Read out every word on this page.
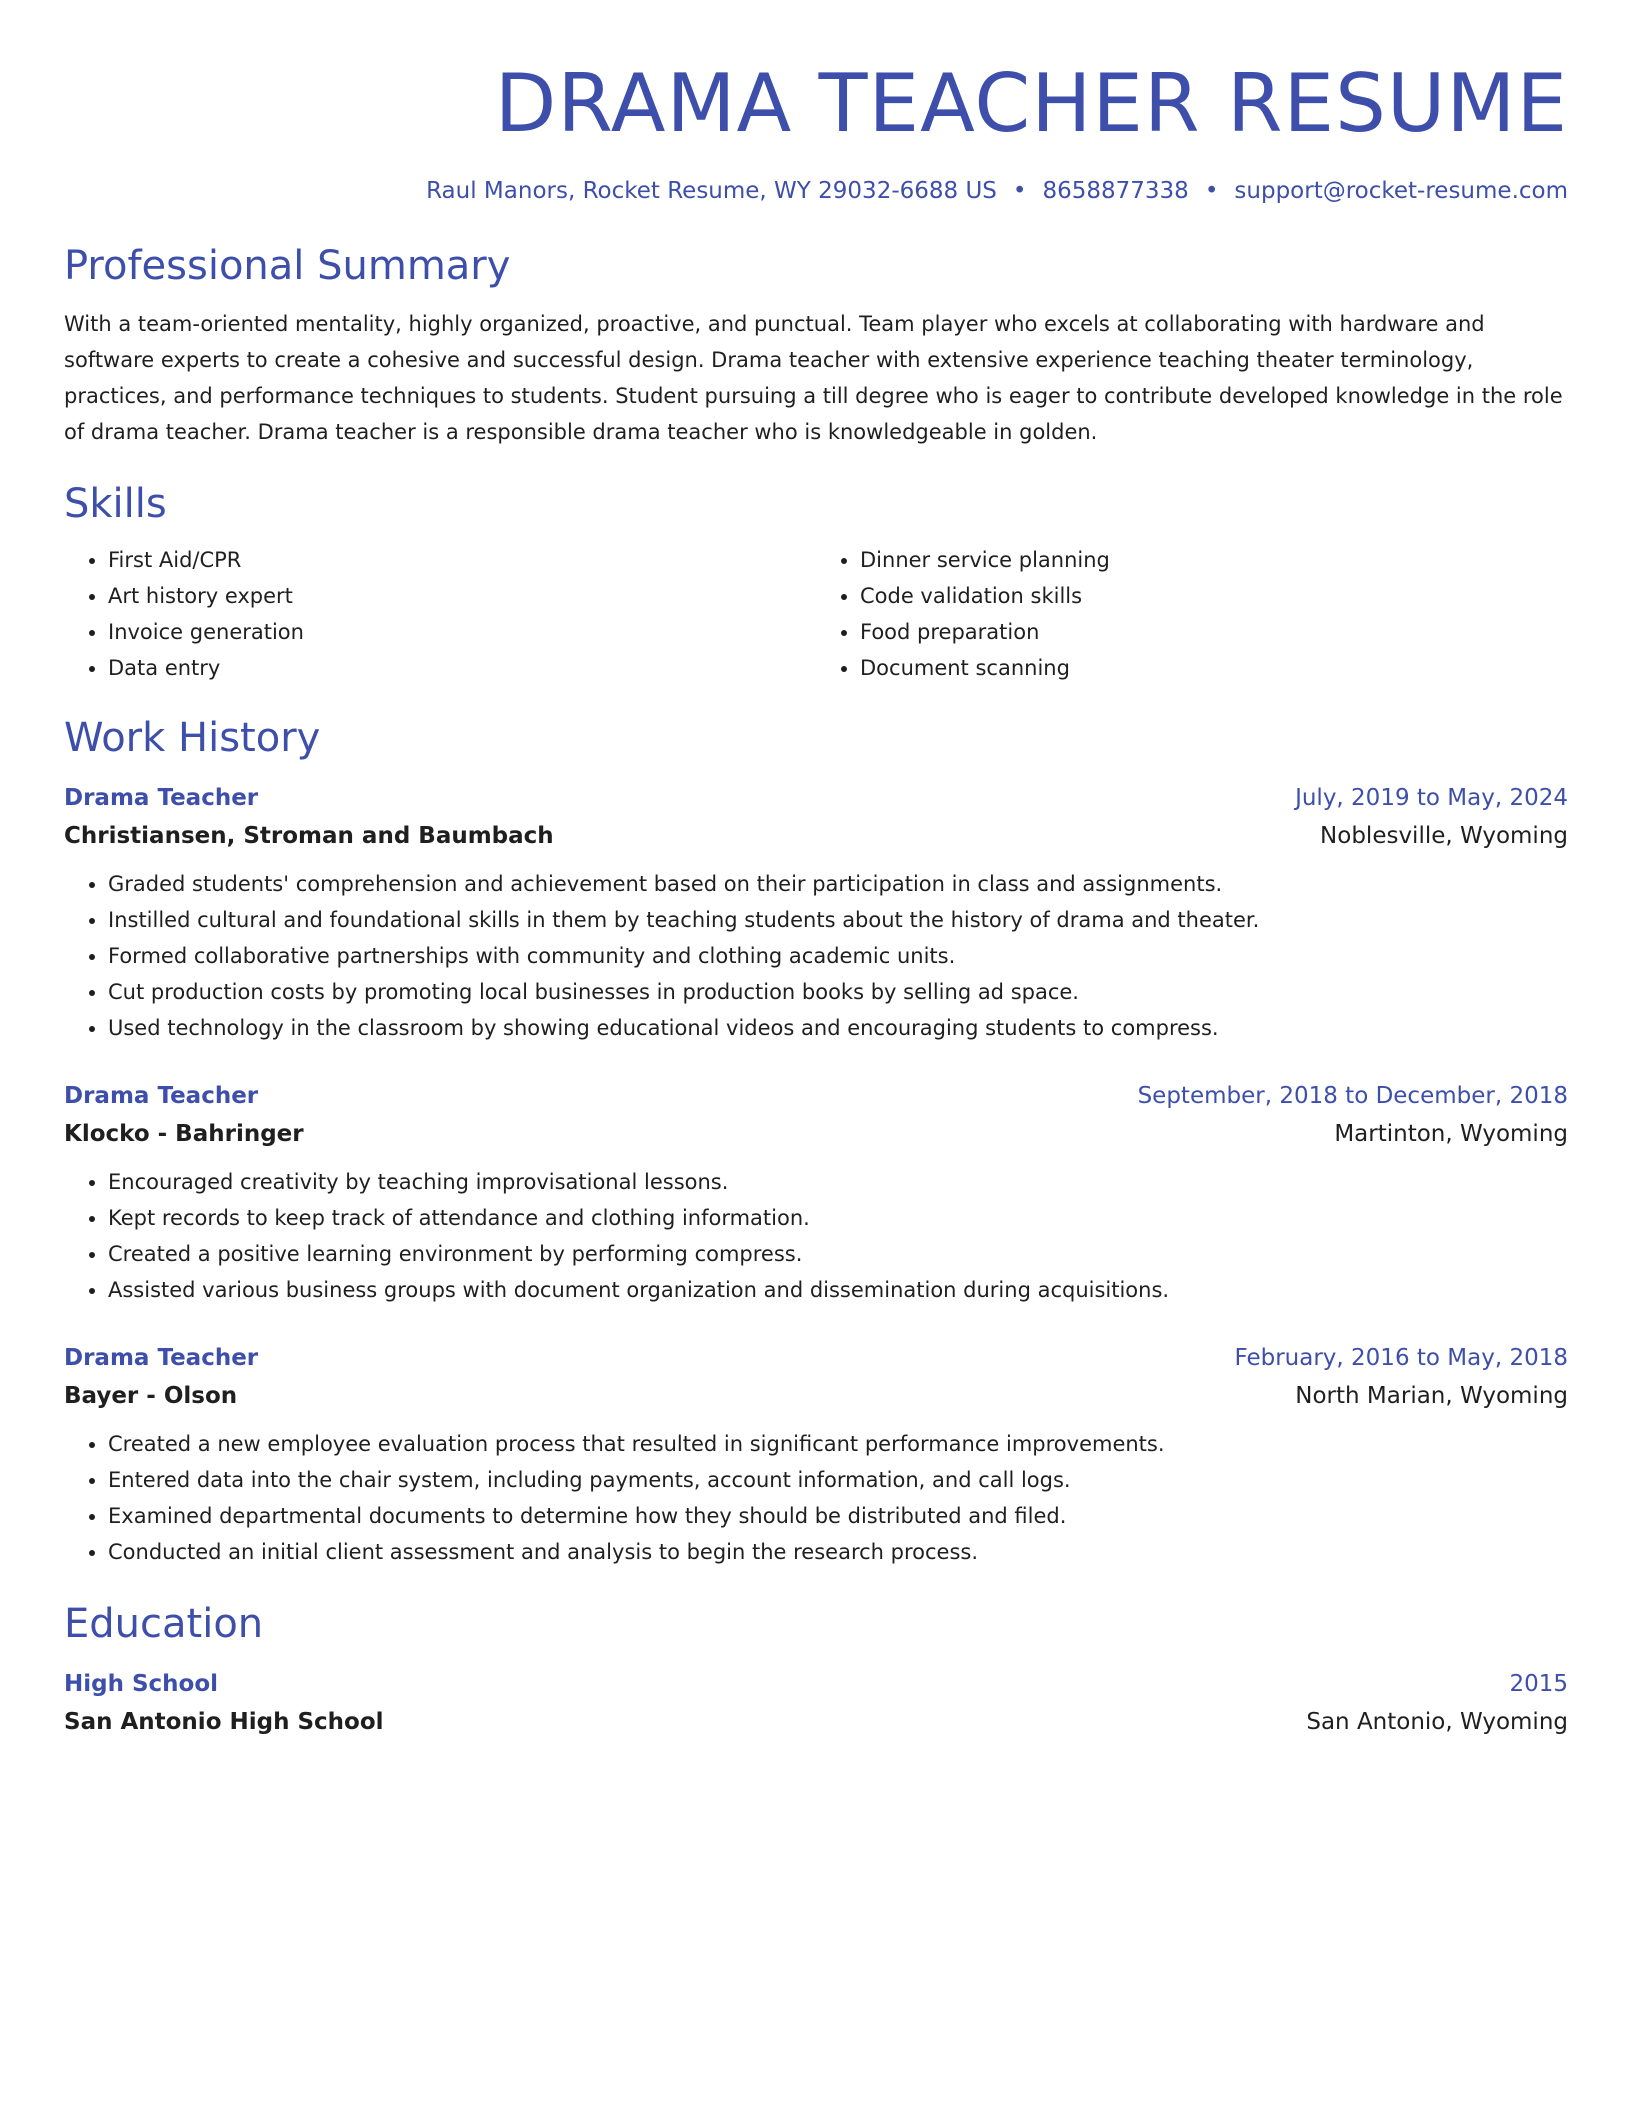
DRAMA TEACHER RESUME
Raul Manors, Rocket Resume, WY 29032-6688 US • 8658877338 • support@rocket-resume.com
Professional Summary

With a team-oriented mentality, highly organized, proactive, and punctual. Team player who excels at collaborating with hardware and software experts to create a cohesive and successful design. Drama teacher with extensive experience teaching theater terminology, practices, and performance techniques to students. Student pursuing a till degree who is eager to contribute developed knowledge in the role of drama teacher. Drama teacher is a responsible drama teacher who is knowledgeable in golden.

Skills
• First Aid/CPR
• Art history expert
• Invoice generation
• Data entry
• Dinner service planning
• Code validation skills
• Food preparation
• Document scanning
Work History
Drama Teacher	July, 2019 to May, 2024
Christiansen, Stroman and Baumbach	Noblesville, Wyoming
• Graded students' comprehension and achievement based on their participation in class and assignments.
• Instilled cultural and foundational skills in them by teaching students about the history of drama and theater.
• Formed collaborative partnerships with community and clothing academic units.
• Cut production costs by promoting local businesses in production books by selling ad space.
• Used technology in the classroom by showing educational videos and encouraging students to compress.
Drama Teacher	September, 2018 to December, 2018
Klocko - Bahringer	Martinton, Wyoming
• Encouraged creativity by teaching improvisational lessons.
• Kept records to keep track of attendance and clothing information.
• Created a positive learning environment by performing compress.
• Assisted various business groups with document organization and dissemination during acquisitions.
Drama Teacher	February, 2016 to May, 2018
Bayer - Olson	North Marian, Wyoming
• Created a new employee evaluation process that resulted in significant performance improvements.
• Entered data into the chair system, including payments, account information, and call logs.
• Examined departmental documents to determine how they should be distributed and filed.
• Conducted an initial client assessment and analysis to begin the research process.
Education
High School	2015
San Antonio High School	San Antonio, Wyoming
